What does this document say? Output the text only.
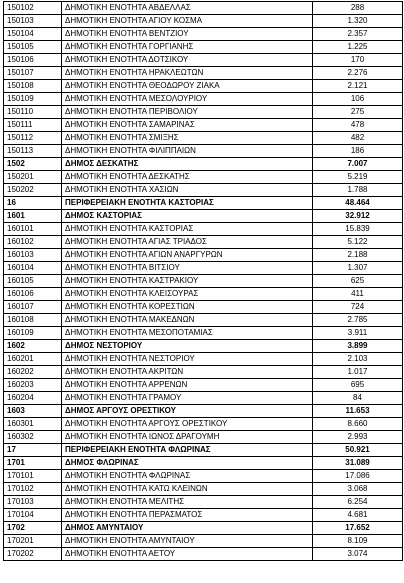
150102	ΔΗΜΟΤΙΚΗ ΕΝΟΤΗΤΑ ΑΒΔΕΛΛΑΣ	288
150103	ΔΗΜΟΤΙΚΗ ΕΝΟΤΗΤΑ ΑΓΙΟΥ ΚΟΣΜΑ	1.320
150104	ΔΗΜΟΤΙΚΗ ΕΝΟΤΗΤΑ ΒΕΝΤΖΙΟΥ	2.357
150105	ΔΗΜΟΤΙΚΗ ΕΝΟΤΗΤΑ ΓΟΡΓΙΑΝΗΣ	1.225
150106	ΔΗΜΟΤΙΚΗ ΕΝΟΤΗΤΑ ΔΟΤΣΙΚΟΥ	170
150107	ΔΗΜΟΤΙΚΗ ΕΝΟΤΗΤΑ ΗΡΑΚΛΕΩΤΩΝ	2.276
150108	ΔΗΜΟΤΙΚΗ ΕΝΟΤΗΤΑ ΘΕΟΔΩΡΟΥ ΖΙΑΚΑ	2.121
150109	ΔΗΜΟΤΙΚΗ ΕΝΟΤΗΤΑ ΜΕΣΟΛΟΥΡΙΟΥ	106
150110	ΔΗΜΟΤΙΚΗ ΕΝΟΤΗΤΑ ΠΕΡΙΒΟΛΙΟΥ	275
150111	ΔΗΜΟΤΙΚΗ ΕΝΟΤΗΤΑ ΣΑΜΑΡΙΝΑΣ	478
150112	ΔΗΜΟΤΙΚΗ ΕΝΟΤΗΤΑ ΣΜΙΞΗΣ	482
150113	ΔΗΜΟΤΙΚΗ ΕΝΟΤΗΤΑ ΦΙΛΙΠΠΑΙΩΝ	186
1502	ΔΗΜΟΣ ΔΕΣΚΑΤΗΣ	7.007
150201	ΔΗΜΟΤΙΚΗ ΕΝΟΤΗΤΑ ΔΕΣΚΑΤΗΣ	5.219
150202	ΔΗΜΟΤΙΚΗ ΕΝΟΤΗΤΑ ΧΑΣΙΩΝ	1.788
16	ΠΕΡΙΦΕΡΕΙΑΚΗ ΕΝΟΤΗΤΑ ΚΑΣΤΟΡΙΑΣ	48.464
1601	ΔΗΜΟΣ ΚΑΣΤΟΡΙΑΣ	32.912
160101	ΔΗΜΟΤΙΚΗ ΕΝΟΤΗΤΑ ΚΑΣΤΟΡΙΑΣ	15.839
160102	ΔΗΜΟΤΙΚΗ ΕΝΟΤΗΤΑ ΑΓΙΑΣ ΤΡΙΑΔΟΣ	5.122
160103	ΔΗΜΟΤΙΚΗ ΕΝΟΤΗΤΑ ΑΓΙΩΝ ΑΝΑΡΓΥΡΩΝ	2.188
160104	ΔΗΜΟΤΙΚΗ ΕΝΟΤΗΤΑ ΒΙΤΣΙΟΥ	1.307
160105	ΔΗΜΟΤΙΚΗ ΕΝΟΤΗΤΑ ΚΑΣΤΡΑΚΙΟΥ	625
160106	ΔΗΜΟΤΙΚΗ ΕΝΟΤΗΤΑ ΚΛΕΙΣΟΥΡΑΣ	411
160107	ΔΗΜΟΤΙΚΗ ΕΝΟΤΗΤΑ ΚΟΡΕΣΤΙΩΝ	724
160108	ΔΗΜΟΤΙΚΗ ΕΝΟΤΗΤΑ ΜΑΚΕΔΝΩΝ	2.785
160109	ΔΗΜΟΤΙΚΗ ΕΝΟΤΗΤΑ ΜΕΣΟΠΟΤΑΜΙΑΣ	3.911
1602	ΔΗΜΟΣ ΝΕΣΤΟΡΙΟΥ	3.899
160201	ΔΗΜΟΤΙΚΗ ΕΝΟΤΗΤΑ ΝΕΣΤΟΡΙΟΥ	2.103
160202	ΔΗΜΟΤΙΚΗ ΕΝΟΤΗΤΑ ΑΚΡΙΤΩΝ	1.017
160203	ΔΗΜΟΤΙΚΗ ΕΝΟΤΗΤΑ ΑΡΡΕΝΩΝ	695
160204	ΔΗΜΟΤΙΚΗ ΕΝΟΤΗΤΑ ΓΡΑΜΟΥ	84
1603	ΔΗΜΟΣ ΑΡΓΟΥΣ ΟΡΕΣΤΙΚΟΥ	11.653
160301	ΔΗΜΟΤΙΚΗ ΕΝΟΤΗΤΑ ΑΡΓΟΥΣ ΟΡΕΣΤΙΚΟΥ	8.660
160302	ΔΗΜΟΤΙΚΗ ΕΝΟΤΗΤΑ ΙΩΝΟΣ ΔΡΑΓΟΥΜΗ	2.993
17	ΠΕΡΙΦΕΡΕΙΑΚΗ ΕΝΟΤΗΤΑ ΦΛΩΡΙΝΑΣ	50.921
1701	ΔΗΜΟΣ ΦΛΩΡΙΝΑΣ	31.089
170101	ΔΗΜΟΤΙΚΗ ΕΝΟΤΗΤΑ ΦΛΩΡΙΝΑΣ	17.086
170102	ΔΗΜΟΤΙΚΗ ΕΝΟΤΗΤΑ ΚΑΤΩ ΚΛΕΙΝΩΝ	3.068
170103	ΔΗΜΟΤΙΚΗ ΕΝΟΤΗΤΑ ΜΕΛΙΤΗΣ	6.254
170104	ΔΗΜΟΤΙΚΗ ΕΝΟΤΗΤΑ ΠΕΡΑΣΜΑΤΟΣ	4.681
1702	ΔΗΜΟΣ ΑΜΥΝΤΑΙΟΥ	17.652
170201	ΔΗΜΟΤΙΚΗ ΕΝΟΤΗΤΑ ΑΜΥΝΤΑΙΟΥ	8.109
170202	ΔΗΜΟΤΙΚΗ ΕΝΟΤΗΤΑ ΑΕΤΟΥ	3.074
